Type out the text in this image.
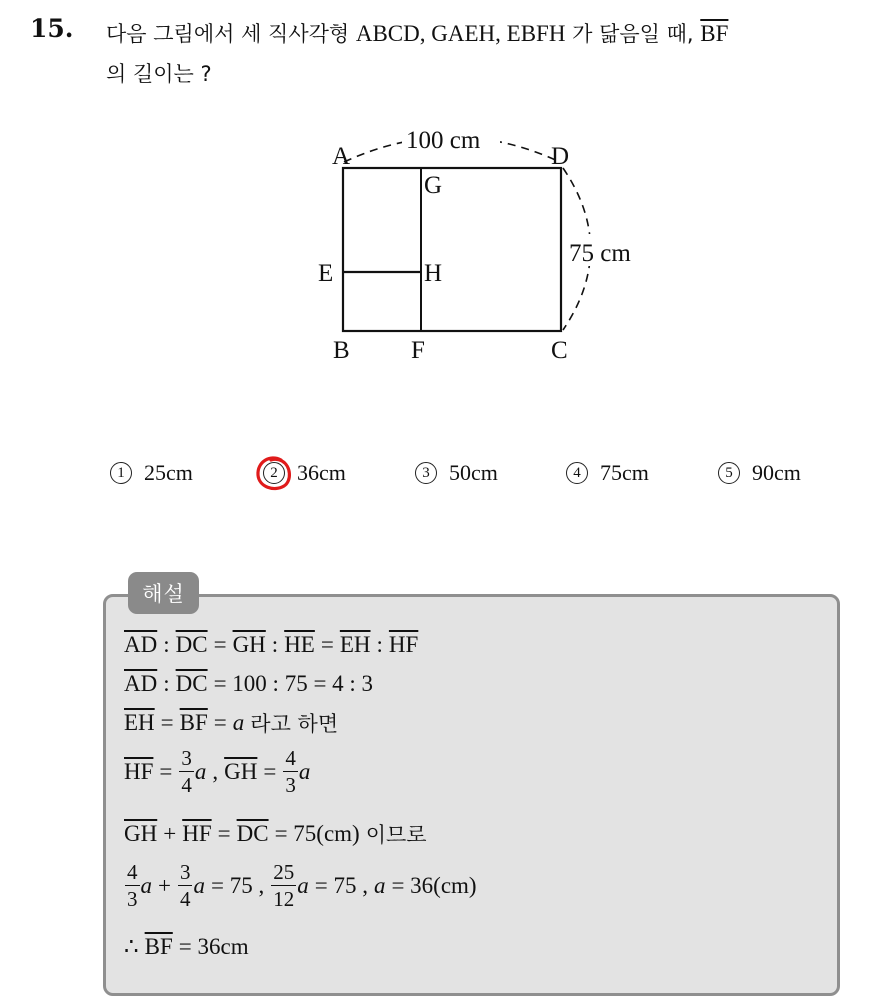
15. 다음 그림에서 세 직사각형 ABCD, GAEH, EBFH 가 닮음일 때, $\overline{BF}$
의 길이는 ?
A	D
G
E	H
B F	C
100 cm
75 cm
1 25cm	2 36cm	3 50cm	4 75cm	5 90cm
해설
$\overline{AD}$ : $\overline{DC} = \overline{GH}$ : $\overline{HE} = \overline{EH}$ : $\overline{HF}$
$\overline{AD}$ : $\overline{DC} = 100$ : 75 = 4 : 3
$\overline{EH} = \overline{BF} = a$ 라고 하면
$\overline{HF} = \frac{3}{4}$ a , $\overline{GH} = \frac{4}{3}$ a
$\overline{GH} + \overline{HF} = \overline{DC} = 75(cm)$ 이므로
$\frac{4}{3}$ $a + \frac{3}{4}$ a = 75 , $\frac{25}{12}$ a = 75 , a = 36(cm)
∴ $\overline{BF} = 36cm$
